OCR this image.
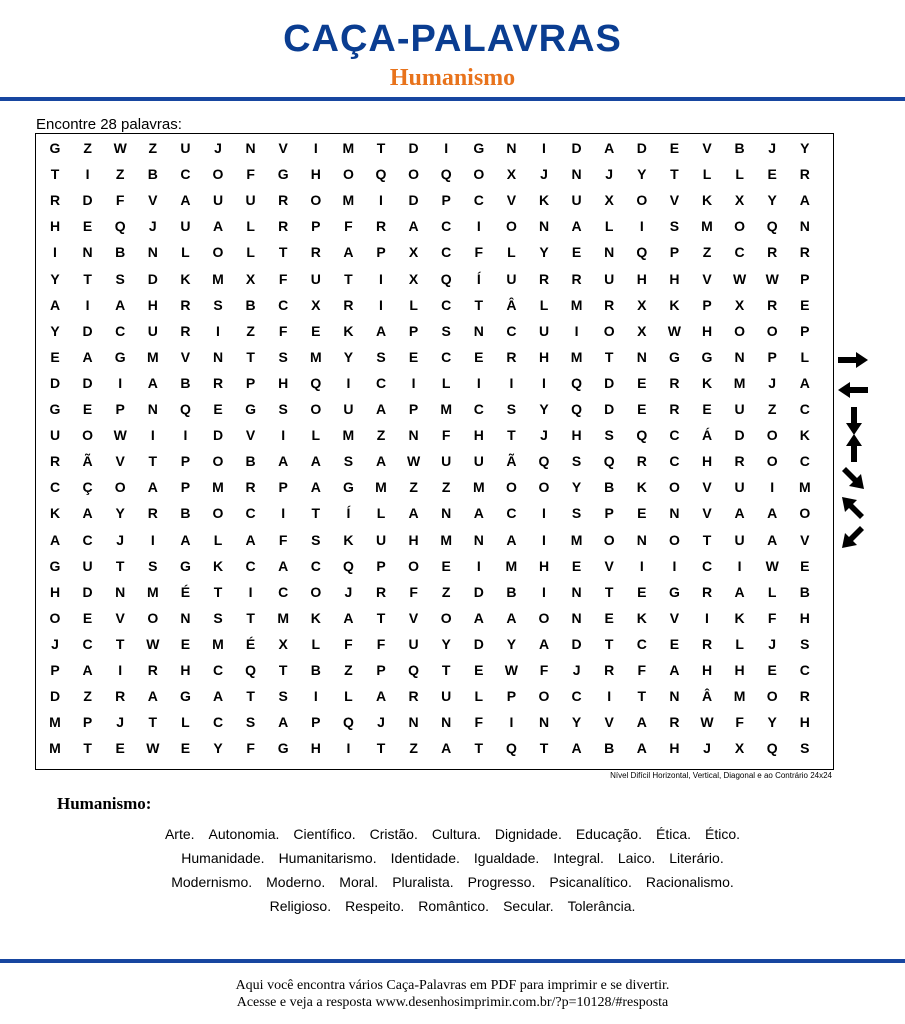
CAÇA-PALAVRAS
Humanismo
Encontre 28 palavras:
G	Z	W	Z	U	J	N	V	I	M	T	D	I	G	N	I	D	A	D	E	V	B	J	Y
T	I	Z	B	C	O	F	G	H	O	Q	O	Q	O	X	J	N	J	Y	T	L	L	E	R
R	D	F	V	A	U	U	R	O	M	I	D	P	C	V	K	U	X	O	V	K	X	Y	A
H	E	Q	J	U	A	L	R	P	F	R	A	C	I	O	N	A	L	I	S	M	O	Q	N
I	N	B	N	L	O	L	T	R	A	P	X	C	F	L	Y	E	N	Q	P	Z	C	R	R
Y	T	S	D	K	M	X	F	U	T	I	X	Q	Í	U	R	R	U	H	H	V	W	W	P
A	I	A	H	R	S	B	C	X	R	I	L	C	T	Â	L	M	R	X	K	P	X	R	E
Y	D	C	U	R	I	Z	F	E	K	A	P	S	N	C	U	I	O	X	W	H	O	O	P
E	A	G	M	V	N	T	S	M	Y	S	E	C	E	R	H	M	T	N	G	G	N	P	L
D	D	I	A	B	R	P	H	Q	I	C	I	L	I	I	I	Q	D	E	R	K	M	J	A
G	E	P	N	Q	E	G	S	O	U	A	P	M	C	S	Y	Q	D	E	R	E	U	Z	C
U	O	W	I	I	D	V	I	L	M	Z	N	F	H	T	J	H	S	Q	C	Á	D	O	K
R	Ã	V	T	P	O	B	A	A	S	A	W	U	U	Ã	Q	S	Q	R	C	H	R	O	C
C	Ç	O	A	P	M	R	P	A	G	M	Z	Z	M	O	O	Y	B	K	O	V	U	I	M
K	A	Y	R	B	O	C	I	T	Í	L	A	N	A	C	I	S	P	E	N	V	A	A	O
A	C	J	I	A	L	A	F	S	K	U	H	M	N	A	I	M	O	N	O	T	U	A	V
G	U	T	S	G	K	C	A	C	Q	P	O	E	I	M	H	E	V	I	I	C	I	W	E
H	D	N	M	É	T	I	C	O	J	R	F	Z	D	B	I	N	T	E	G	R	A	L	B
O	E	V	O	N	S	T	M	K	A	T	V	O	A	A	O	N	E	K	V	I	K	F	H
J	C	T	W	E	M	É	X	L	F	F	U	Y	D	Y	A	D	T	C	E	R	L	J	S
P	A	I	R	H	C	Q	T	B	Z	P	Q	T	E	W	F	J	R	F	A	H	H	E	C
D	Z	R	A	G	A	T	S	I	L	A	R	U	L	P	O	C	I	T	N	Â	M	O	R
M	P	J	T	L	C	S	A	P	Q	J	N	N	F	I	N	Y	V	A	R	W	F	Y	H
M	T	E	W	E	Y	F	G	H	I	T	Z	A	T	Q	T	A	B	A	H	J	X	Q	S
Nível Difícil Horizontal, Vertical, Diagonal e ao Contrário 24x24
Humanismo:
Arte. Autonomia. Científico. Cristão. Cultura. Dignidade. Educação. Ética. Ético.
Humanidade. Humanitarismo. Identidade. Igualdade. Integral. Laico. Literário.
Modernismo. Moderno. Moral. Pluralista. Progresso. Psicanalítico. Racionalismo.
Religioso. Respeito. Romântico. Secular. Tolerância.
Aqui você encontra vários Caça-Palavras em PDF para imprimir e se divertir.
Acesse e veja a resposta www.desenhosimprimir.com.br/?p=10128/#resposta
